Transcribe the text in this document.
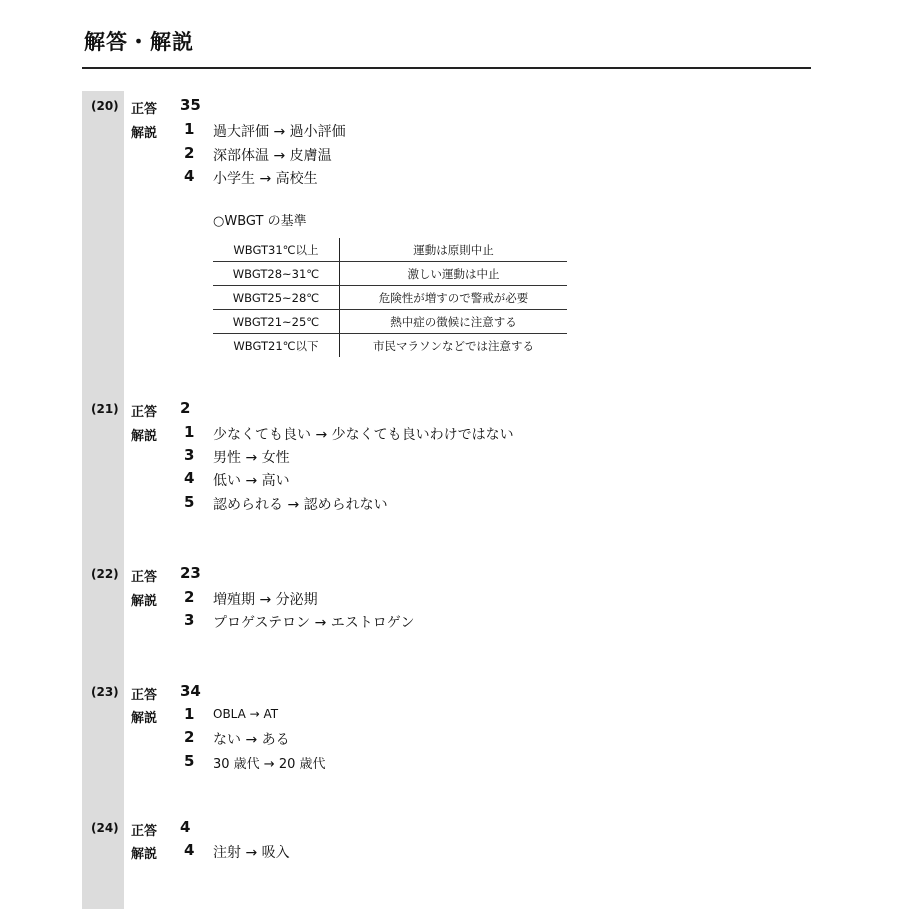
解答・解説
(20) 正答 35
解説 1 過大評価 → 過小評価
2 深部体温 → 皮膚温
4 小学生 → 高校生
○WBGT の基準
WBGT31℃以上	運動は原則中止
WBGT28~31℃	激しい運動は中止
WBGT25~28℃	危険性が増すので警戒が必要
WBGT21~25℃	熱中症の徴候に注意する
WBGT21℃以下	市民マラソンなどでは注意する
(21) 正答 2
解説 1 少なくても良い → 少なくても良いわけではない
3 男性 → 女性
4 低い → 高い
5 認められる → 認められない
(22) 正答 23
解説 2 増殖期 → 分泌期
3 プロゲステロン → エストロゲン
(23) 正答 34
解説 1 OBLA → AT
2 ない → ある
5 30 歳代 → 20 歳代
(24) 正答 4
解説 4 注射 → 吸入
